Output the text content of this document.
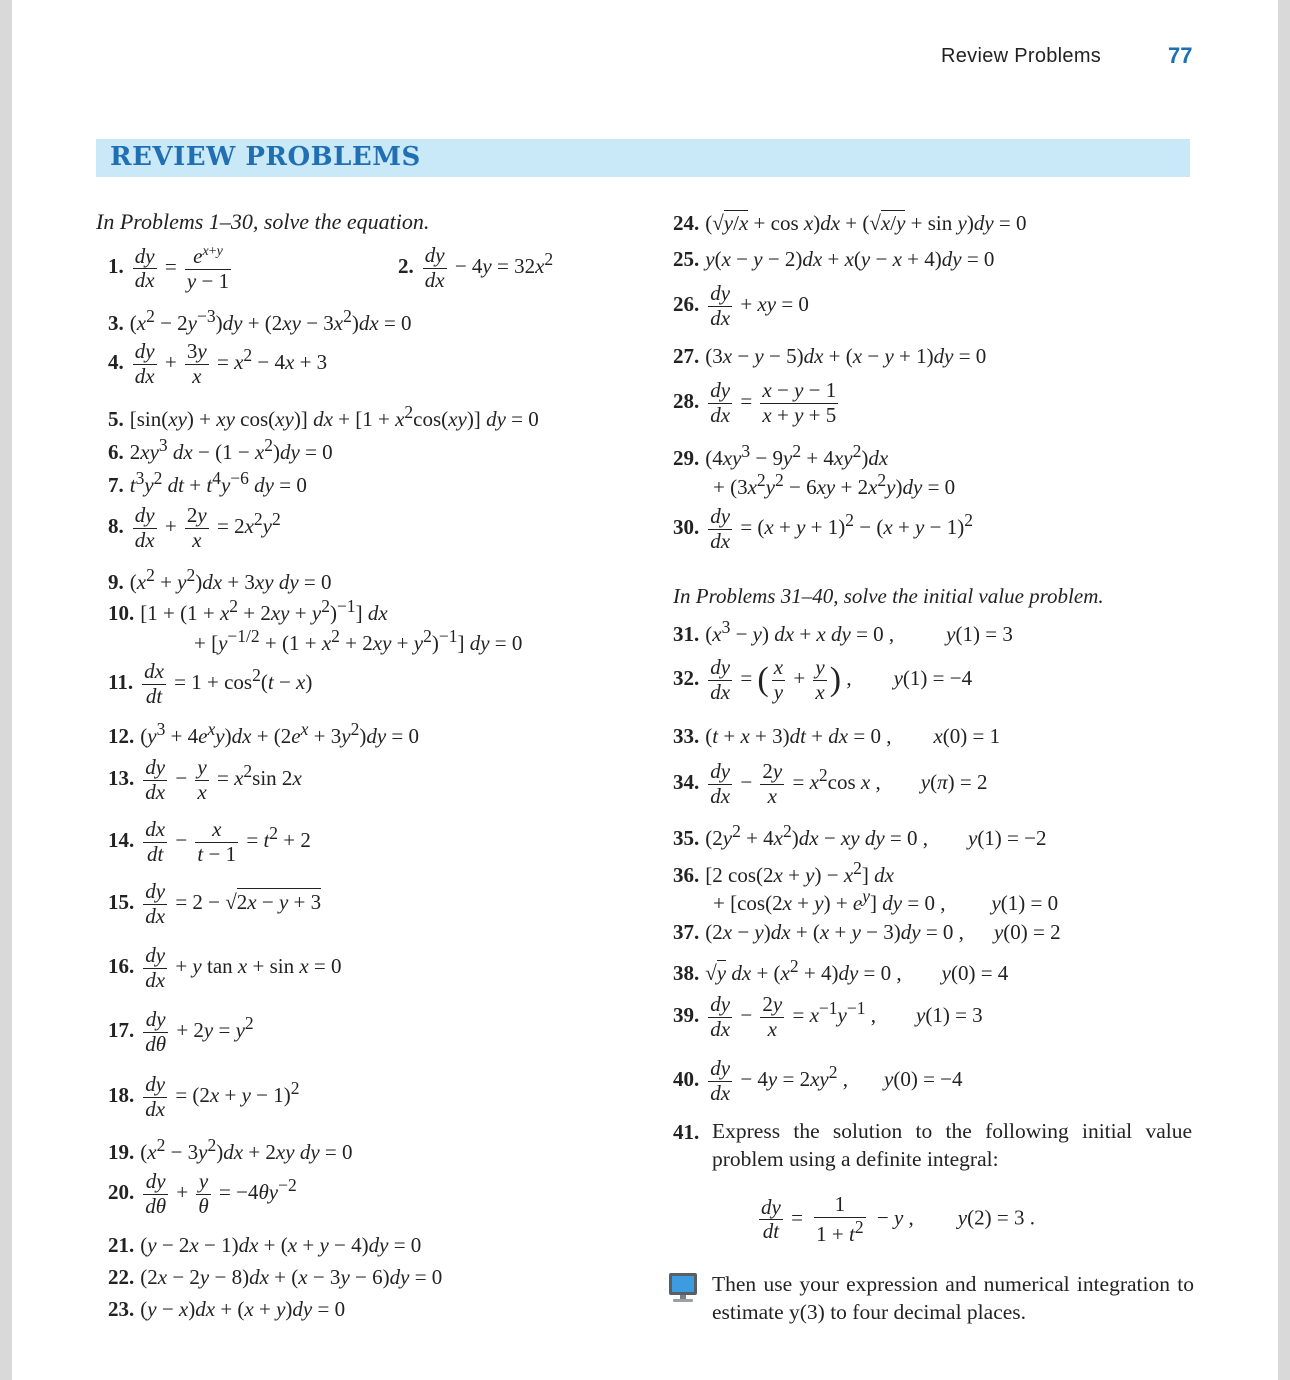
Review Problems	77
REVIEW PROBLEMS
In Problems 1–30, solve the equation.
1. $\frac{dy}{dx} = \frac{e^{x+y}}{y - 1}$	2. $\frac{dy}{dx} - 4y = 32x^2$
3. $(x^2 - 2y^{-3})dy + (2xy - 3x^2)dx = 0$
4. $\frac{dy}{dx} + \frac{3y}{x} = x^2 - 4x + 3$
5. [sin(xy) + xy cos(xy)] dx + $[1 + x^2\cos(xy)]$ dy = 0
6. $2xy^3$ dx − $(1 - x^2)dy = 0$
7. $t^3y^2$ dt + $t^4y^{-6}$ dy = 0
8. $\frac{dy}{dx} + \frac{2y}{x} = 2x^2y^2$
9. $(x^2 + y^2)dx + 3xy$ dy = 0
10. $[1 + (1 + x^2 + 2xy + y^2)^{-1}]$ dx
+ $[y^{-1/2} + (1 + x^2 + 2xy + y^2)^{-1}]$ dy = 0
11. $\frac{dx}{dt} = 1 + \cos^2(t - x)$
12. $(y^3 + 4e^xy)dx + (2e^x + 3y^2)dy = 0$
13. $\frac{dy}{dx} - \frac{y}{x} = x^2\sin$ 2x
14. $\frac{dx}{dt} - \frac{x}{t - 1} = t^2 + 2$
15. $\frac{dy}{dx} = 2 - √2x - y + 3$
16. $\frac{dy}{dx} + y$ tan x + sin x = 0
17. $\frac{dy}{d\theta} + 2y = y^2$
18. $\frac{dy}{dx} = (2x + y - 1)^2$
19. $(x^2 - 3y^2)dx + 2xy$ dy = 0
20. $\frac{dy}{d\theta} + \frac{y}{\theta} = -4\theta y^{-2}$
21. (y − 2x − 1)dx + (x + y − 4)dy = 0
22. (2x − 2y − 8)dx + (x − 3y − 6)dy = 0
23. (y − x)dx + (x + y)dy = 0
24. (√y/x + cos x)dx + (√x/y + sin y)dy = 0
25. y(x − y − 2)dx + x(y − x + 4)dy = 0
26. $\frac{dy}{dx}$ + xy = 0
27. (3x − y − 5)dx + (x − y + 1)dy = 0
28. $\frac{dy}{dx} = \frac{x - y - 1}{x + y + 5}$
29. $(4xy^3 - 9y^2 + 4xy^2)dx$
+ $(3x^2y^2 - 6xy + 2x^2y)dy = 0$
30. $\frac{dy}{dx} = (x + y + 1)^2 - (x + y - 1)^2$
In Problems 31–40, solve the initial value problem.
31. $(x^3 - y)$ dx + x dy = 0 , y(1) = 3
32. $\frac{dy}{dx}$ = ( $\frac{x}{y} + \frac{y}{x}$ ) , y(1) = −4
33. (t + x + 3)dt + dx = 0 , x(0) = 1
34. $\frac{dy}{dx} - \frac{2y}{x} = x^2\cos$ x , y(π) = 2
35. $(2y^2 + 4x^2)dx$ − xy dy = 0 , y(1) = −2
36. [2 $\cos(2x + y) - x^2$] dx
+ $[\cos(2x + y) + e^y]$ dy = 0 , y(1) = 0
37. (2x − y)dx + (x + y − 3)dy = 0 , y(0) = 2
38. √y dx + $(x^2 + 4)dy = 0$ , y(0) = 4
39. $\frac{dy}{dx} - \frac{2y}{x} = x^{-1}y^{-1}$ , y(1) = 3
40. $\frac{dy}{dx} - 4y = 2xy^2$ , y(0) = −4
41. Express the solution to the following initial value problem using a definite integral:
$\frac{dy}{dt} = \frac{1}{1 + t^2} - y$ , y(2) = 3 .
Then use your expression and numerical integration to estimate y(3) to four decimal places.
